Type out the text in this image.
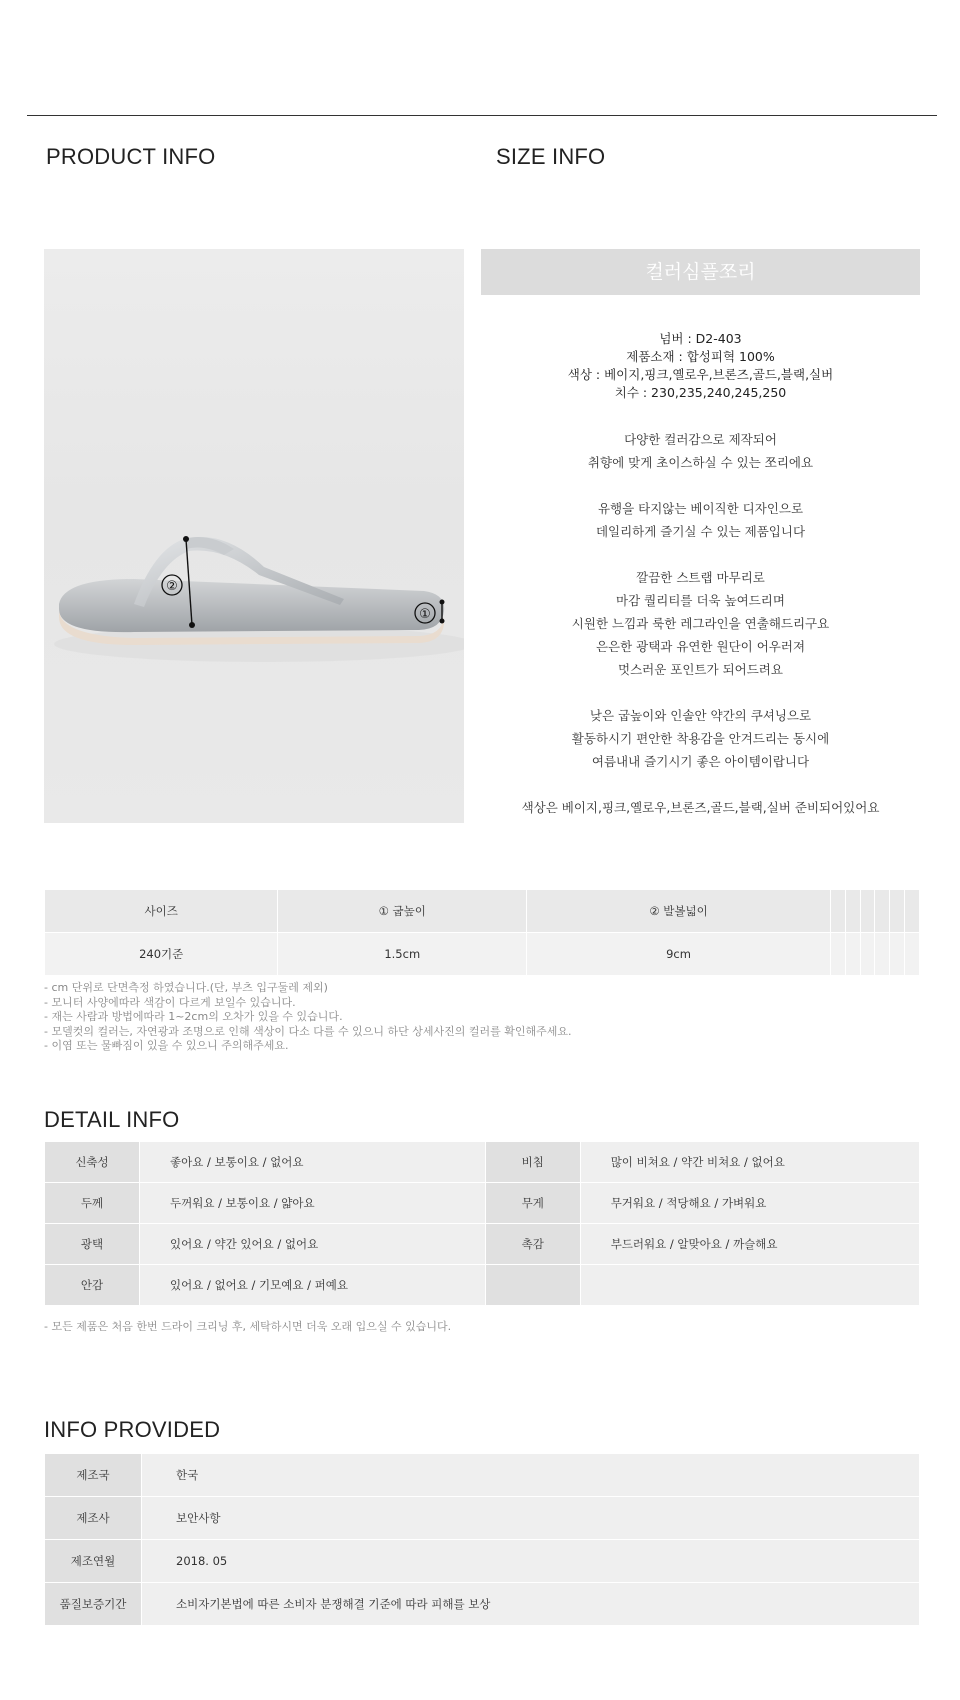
PRODUCT INFO	SIZE INFO
②
①
컬러심플쪼리
넘버 : D2-403
제품소재 : 합성피혁 100%
색상 : 베이지,핑크,옐로우,브론즈,골드,블랙,실버
치수 : 230,235,240,245,250

다양한 컬러감으로 제작되어
취향에 맞게 초이스하실 수 있는 쪼리에요

유행을 타지않는 베이직한 디자인으로
데일리하게 즐기실 수 있는 제품입니다

깔끔한 스트랩 마무리로
마감 퀄리티를 더욱 높여드리며
시원한 느낌과 룩한 레그라인을 연출해드리구요
은은한 광택과 유연한 원단이 어우러져
멋스러운 포인트가 되어드려요

낮은 굽높이와 인솔안 약간의 쿠셔닝으로
활동하시기 편안한 착용감을 안겨드리는 동시에
여름내내 즐기시기 좋은 아이템이랍니다

색상은 베이지,핑크,옐로우,브론즈,골드,블랙,실버 준비되어있어요

사이즈	① 굽높이	② 발볼넓이						
240기준	1.5cm	9cm						
- cm 단위로 단면측정 하였습니다.(단, 부츠 입구둘레 제외)
- 모니터 사양에따라 색감이 다르게 보일수 있습니다.
- 재는 사람과 방법에따라 1~2cm의 오차가 있을 수 있습니다.
- 모델컷의 컬러는, 자연광과 조명으로 인해 색상이 다소 다를 수 있으니 하단 상세사진의 컬러를 확인해주세요.
- 이염 또는 물빠짐이 있을 수 있으니 주의해주세요.
DETAIL INFO
신축성	좋아요 / 보통이요 / 없어요	비침	많이 비쳐요 / 약간 비쳐요 / 없어요
두께	두꺼워요 / 보통이요 / 얇아요	무게	무거워요 / 적당해요 / 가벼워요
광택	있어요 / 약간 있어요 / 없어요	촉감	부드러워요 / 알맞아요 / 까슬해요
안감	있어요 / 없어요 / 기모예요 / 퍼예요		
- 모든 제품은 처음 한번 드라이 크리닝 후, 세탁하시면 더욱 오래 입으실 수 있습니다.
INFO PROVIDED
제조국	한국
제조사	보안사항
제조연월	2018. 05
품질보증기간	소비자기본법에 따른 소비자 분쟁해결 기준에 따라 피해를 보상
